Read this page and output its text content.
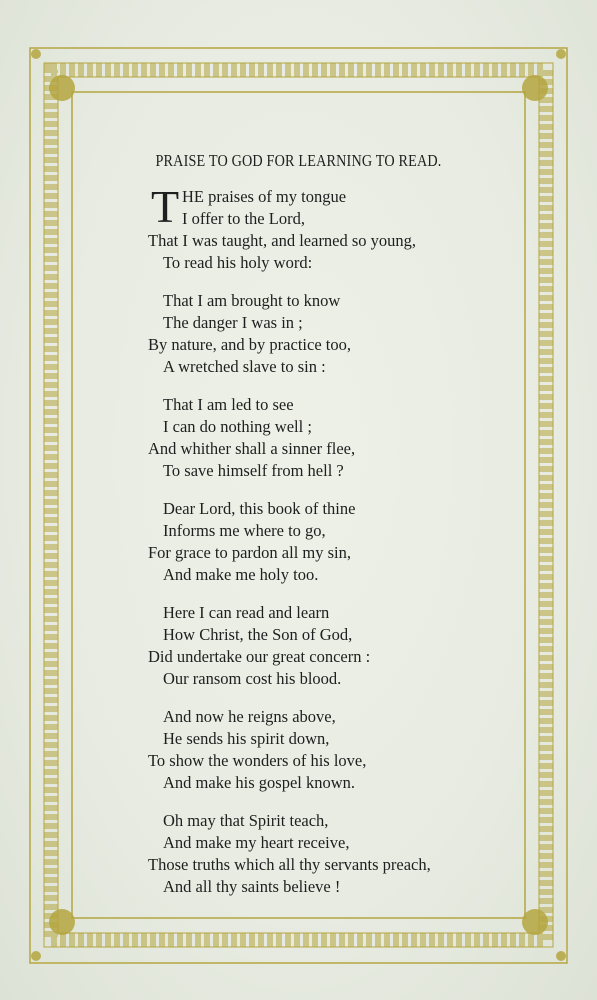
PRAISE TO GOD FOR LEARNING TO READ.
T HE praises of my tongue
I offer to the Lord,
That I was taught, and learned so young,
To read his holy word:
That I am brought to know
The danger I was in ;
By nature, and by practice too,
A wretched slave to sin :
That I am led to see
I can do nothing well ;
And whither shall a sinner flee,
To save himself from hell ?
Dear Lord, this book of thine
Informs me where to go,
For grace to pardon all my sin,
And make me holy too.
Here I can read and learn
How Christ, the Son of God,
Did undertake our great concern :
Our ransom cost his blood.
And now he reigns above,
He sends his spirit down,
To show the wonders of his love,
And make his gospel known.
Oh may that Spirit teach,
And make my heart receive,
Those truths which all thy servants preach,
And all thy saints believe !
